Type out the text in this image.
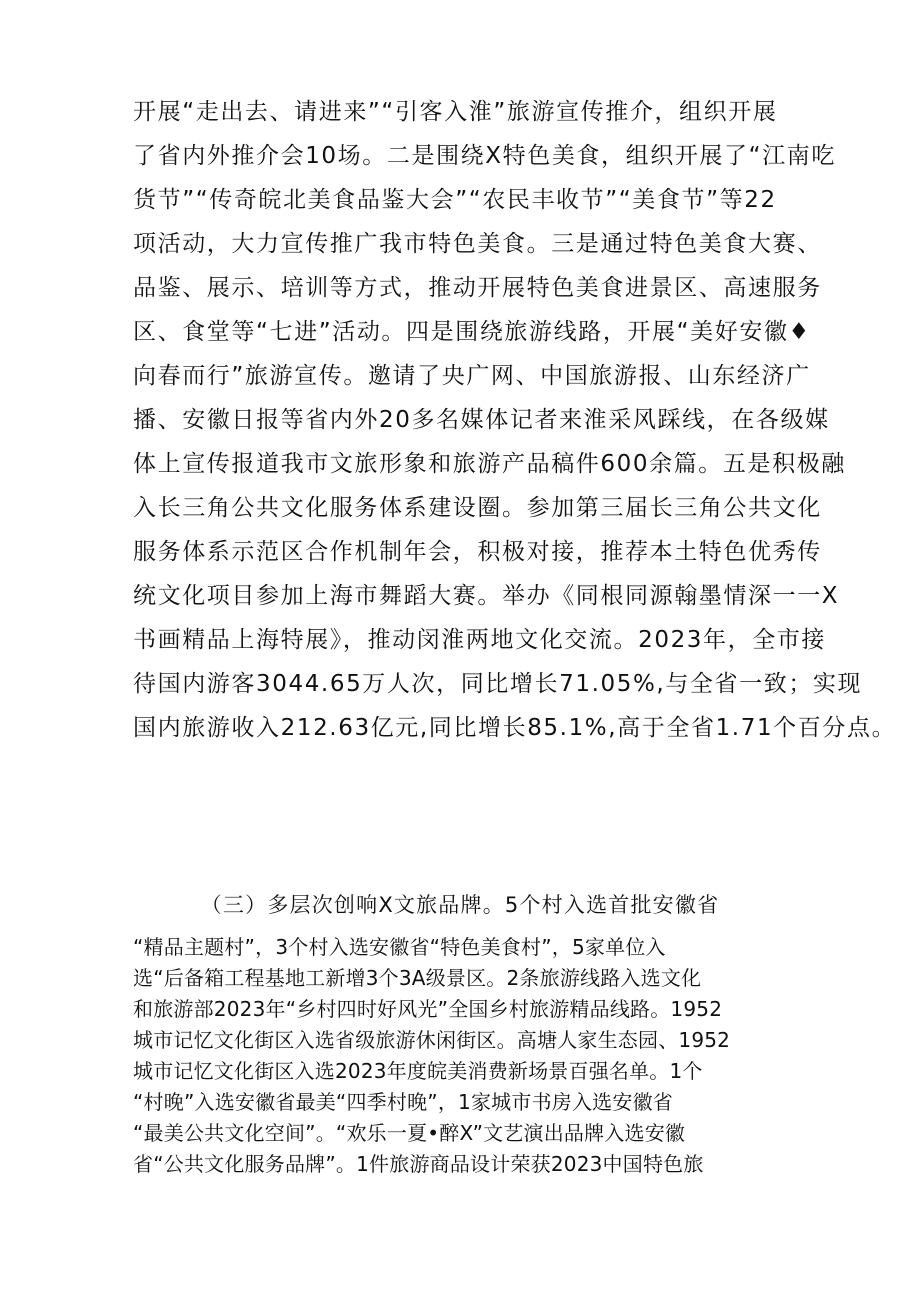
开展“走出去、请进来”“引客入淮”旅游宣传推介，组织开展
了省内外推介会10场。二是围绕X特色美食，组织开展了“江南吃
货节”“传奇皖北美食品鉴大会”“农民丰收节”“美食节”等22
项活动，大力宣传推广我市特色美食。三是通过特色美食大赛、
品鉴、展示、培训等方式，推动开展特色美食进景区、高速服务
区、食堂等“七进”活动。四是围绕旅游线路，开展“美好安徽♦
向春而行”旅游宣传。邀请了央广网、中国旅游报、山东经济广
播、安徽日报等省内外20多名媒体记者来淮采风踩线，在各级媒
体上宣传报道我市文旅形象和旅游产品稿件600余篇。五是积极融
入长三角公共文化服务体系建设圈。参加第三届长三角公共文化
服务体系示范区合作机制年会，积极对接，推荐本土特色优秀传
统文化项目参加上海市舞蹈大赛。举办《同根同源翰墨情深一一X
书画精品上海特展》，推动闵淮两地文化交流。2023年，全市接
待国内游客3044.65万人次，同比增长71.05%,与全省一致；实现
国内旅游收入212.63亿元,同比增长85.1%,高于全省1.71个百分点。
（三）多层次创响X文旅品牌。5个村入选首批安徽省
“精品主题村”，3个村入选安徽省“特色美食村”，5家单位入
选“后备箱工程基地工新增3个3A级景区。2条旅游线路入选文化
和旅游部2023年“乡村四时好风光”全国乡村旅游精品线路。1952
城市记忆文化街区入选省级旅游休闲街区。高塘人家生态园、1952
城市记忆文化街区入选2023年度皖美消费新场景百强名单。1个
“村晚”入选安徽省最美“四季村晚”，1家城市书房入选安徽省
“最美公共文化空间”。“欢乐一夏•醉X”文艺演出品牌入选安徽
省“公共文化服务品牌”。1件旅游商品设计荣获2023中国特色旅
